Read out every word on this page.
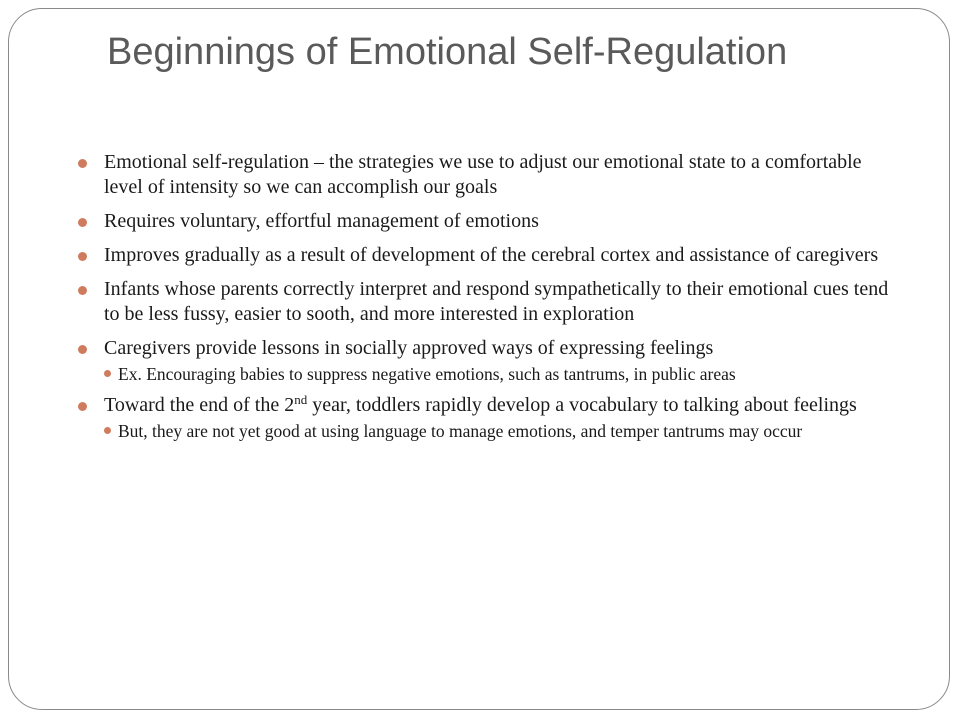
Beginnings of Emotional Self-Regulation
Emotional self-regulation – the strategies we use to adjust our emotional state to a comfortable level of intensity so we can accomplish our goals
Requires voluntary, effortful management of emotions
Improves gradually as a result of development of the cerebral cortex and assistance of caregivers
Infants whose parents correctly interpret and respond sympathetically to their emotional cues tend to be less fussy, easier to sooth, and more interested in exploration
Caregivers provide lessons in socially approved ways of expressing feelings
Ex. Encouraging babies to suppress negative emotions, such as tantrums, in public areas
Toward the end of the 2nd year, toddlers rapidly develop a vocabulary to talking about feelings
But, they are not yet good at using language to manage emotions, and temper tantrums may occur
